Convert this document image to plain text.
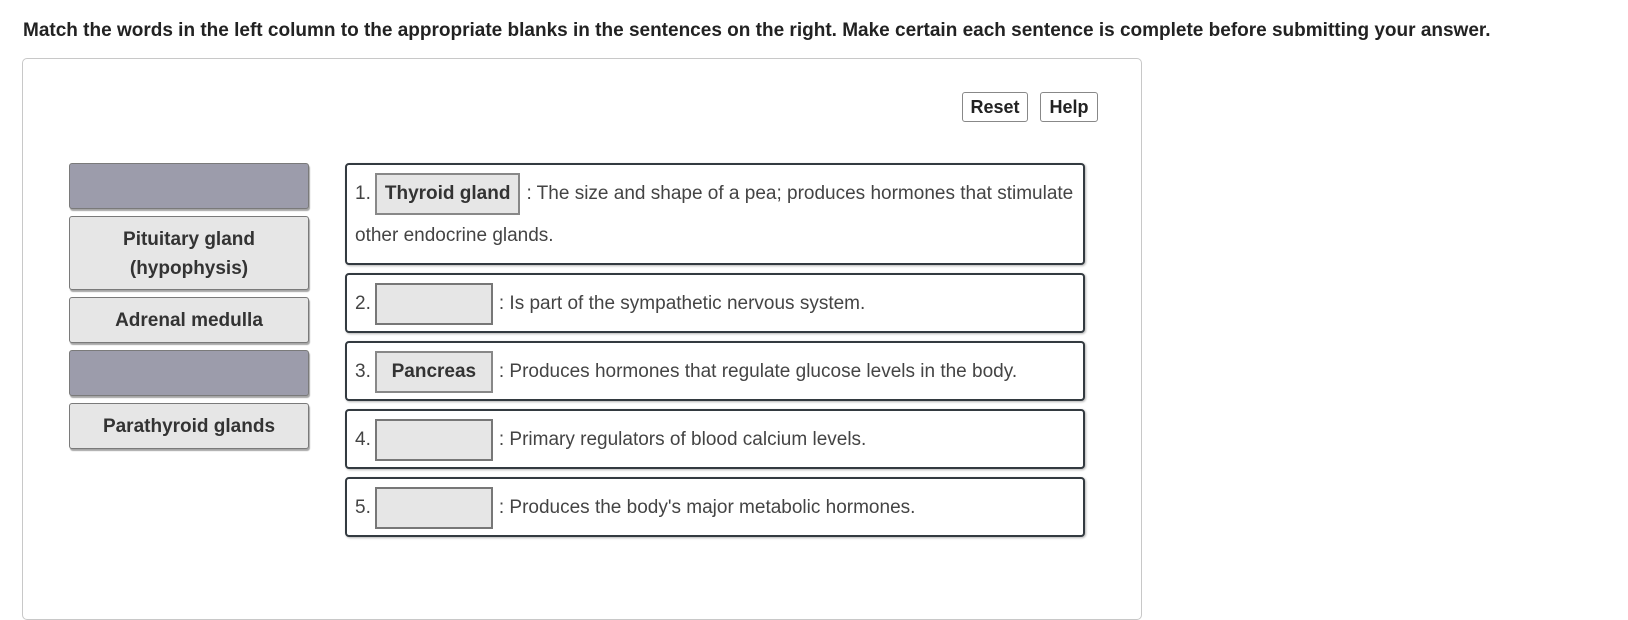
Match the words in the left column to the appropriate blanks in the sentences on the right. Make certain each sentence is complete before submitting your answer.
Reset	Help
Pituitary gland (hypophysis)
Adrenal medulla
Parathyroid glands
1. Thyroid gland : The size and shape of a pea; produces hormones that stimulate other endocrine glands.
2.	: Is part of the sympathetic nervous system.
3. Pancreas : Produces hormones that regulate glucose levels in the body.
4.	: Primary regulators of blood calcium levels.
5.	: Produces the body's major metabolic hormones.
